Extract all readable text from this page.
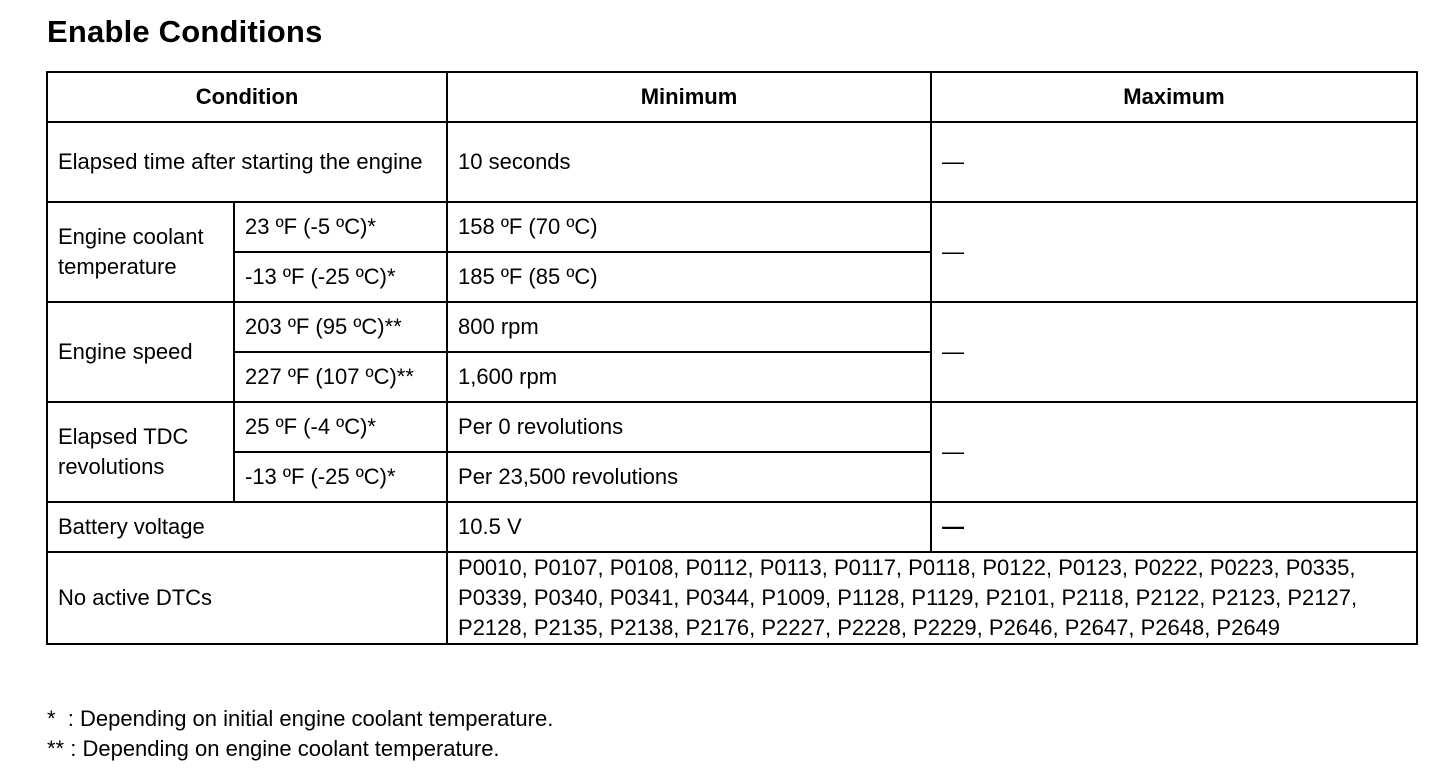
Enable Conditions
Condition		Minimum	Maximum
Elapsed time after starting the engine		10 seconds	—
Engine coolant temperature	23 ºF (-5 ºC)*	158 ºF (70 ºC)	—
	-13 ºF (-25 ºC)*	185 ºF (85 ºC)	
Engine speed	203 ºF (95 ºC)**	800 rpm	—
	227 ºF (107 ºC)**	1,600 rpm	
Elapsed TDC revolutions	25 ºF (-4 ºC)*	Per 0 revolutions	—
	-13 ºF (-25 ºC)*	Per 23,500 revolutions	
Battery voltage		10.5 V	—
No active DTCs		P0010, P0107, P0108, P0112, P0113, P0117, P0118, P0122, P0123, P0222, P0223, P0335, P0339, P0340, P0341, P0344, P1009, P1128, P1129, P2101, P2118, P2122, P2123, P2127, P2128, P2135, P2138, P2176, P2227, P2228, P2229, P2646, P2647, P2648, P2649	
*  : Depending on initial engine coolant temperature.
** : Depending on engine coolant temperature.
